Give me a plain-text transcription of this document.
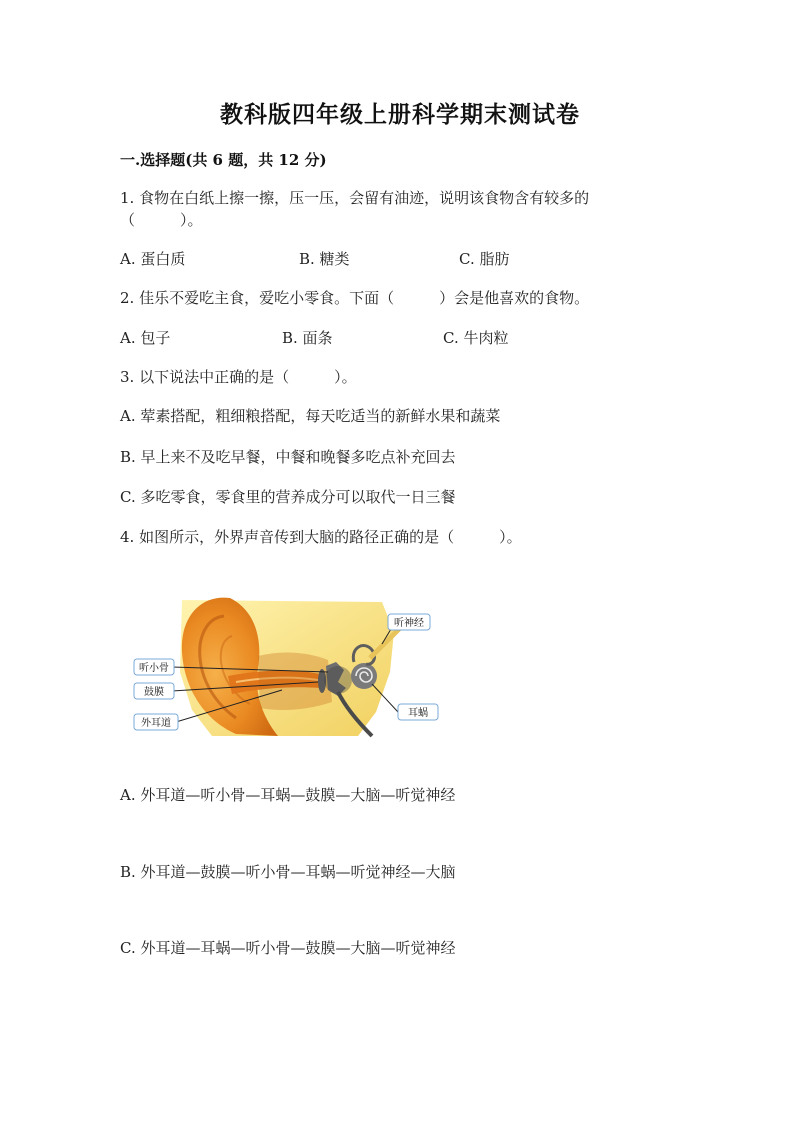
教科版四年级上册科学期末测试卷
一.选择题(共 6 题，共 12 分)
1. 食物在白纸上擦一擦，压一压，会留有油迹，说明该食物含有较多的
（　　　）。
A. 蛋白质	B. 糖类	C. 脂肪
2. 佳乐不爱吃主食，爱吃小零食。下面（　　　）会是他喜欢的食物。
A. 包子	B. 面条	C. 牛肉粒
3. 以下说法中正确的是（　　　）。
A. 荤素搭配，粗细粮搭配，每天吃适当的新鲜水果和蔬菜
B. 早上来不及吃早餐，中餐和晚餐多吃点补充回去
C. 多吃零食，零食里的营养成分可以取代一日三餐
4. 如图所示，外界声音传到大脑的路径正确的是（　　　）。
听神经
听小骨
鼓膜
外耳道
耳蜗
A. 外耳道—听小骨—耳蜗—鼓膜—大脑—听觉神经
B. 外耳道—鼓膜—听小骨—耳蜗—听觉神经—大脑
C. 外耳道—耳蜗—听小骨—鼓膜—大脑—听觉神经
